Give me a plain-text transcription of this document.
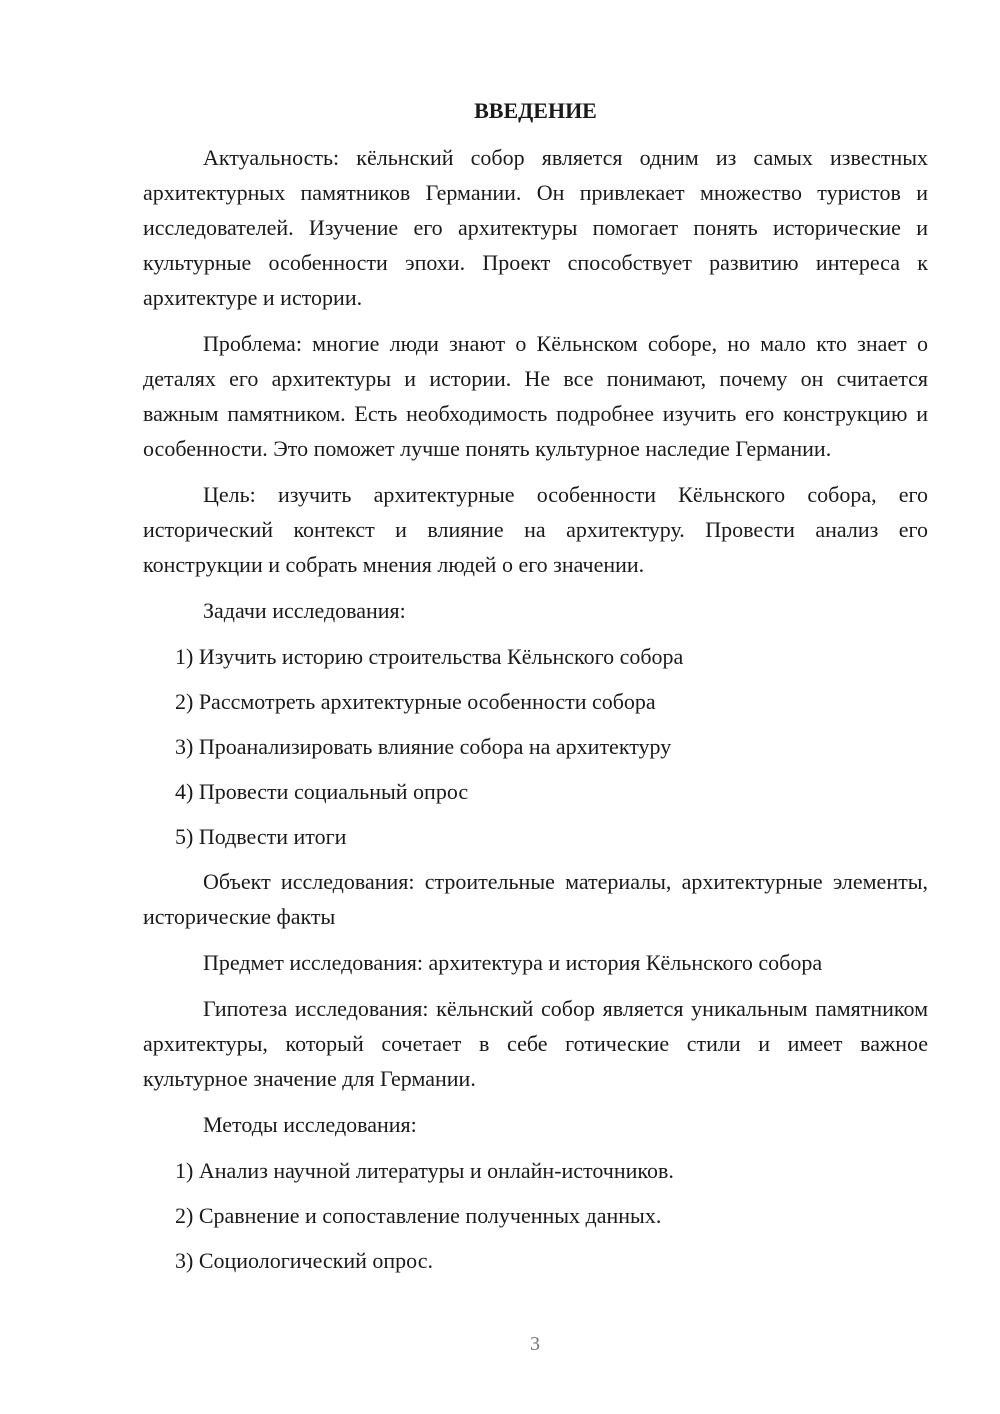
ВВЕДЕНИЕ

Актуальность: кёльнский собор является одним из самых известных архитектурных памятников Германии. Он привлекает множество туристов и исследователей. Изучение его архитектуры помогает понять исторические и культурные особенности эпохи. Проект способствует развитию интереса к архитектуре и истории.

Проблема: многие люди знают о Кёльнском соборе, но мало кто знает о деталях его архитектуры и истории. Не все понимают, почему он считается важным памятником. Есть необходимость подробнее изучить его конструкцию и особенности. Это поможет лучше понять культурное наследие Германии.

Цель: изучить архитектурные особенности Кёльнского собора, его исторический контекст и влияние на архитектуру. Провести анализ его конструкции и собрать мнения людей о его значении.

Задачи исследования:
1) Изучить историю строительства Кёльнского собора
2) Рассмотреть архитектурные особенности собора
3) Проанализировать влияние собора на архитектуру
4) Провести социальный опрос
5) Подвести итоги

Объект исследования: строительные материалы, архитектурные элементы, исторические факты

Предмет исследования: архитектура и история Кёльнского собора

Гипотеза исследования: кёльнский собор является уникальным памятником архитектуры, который сочетает в себе готические стили и имеет важное культурное значение для Германии.

Методы исследования:
1) Анализ научной литературы и онлайн-источников.
2) Сравнение и сопоставление полученных данных.
3) Социологический опрос.
3
